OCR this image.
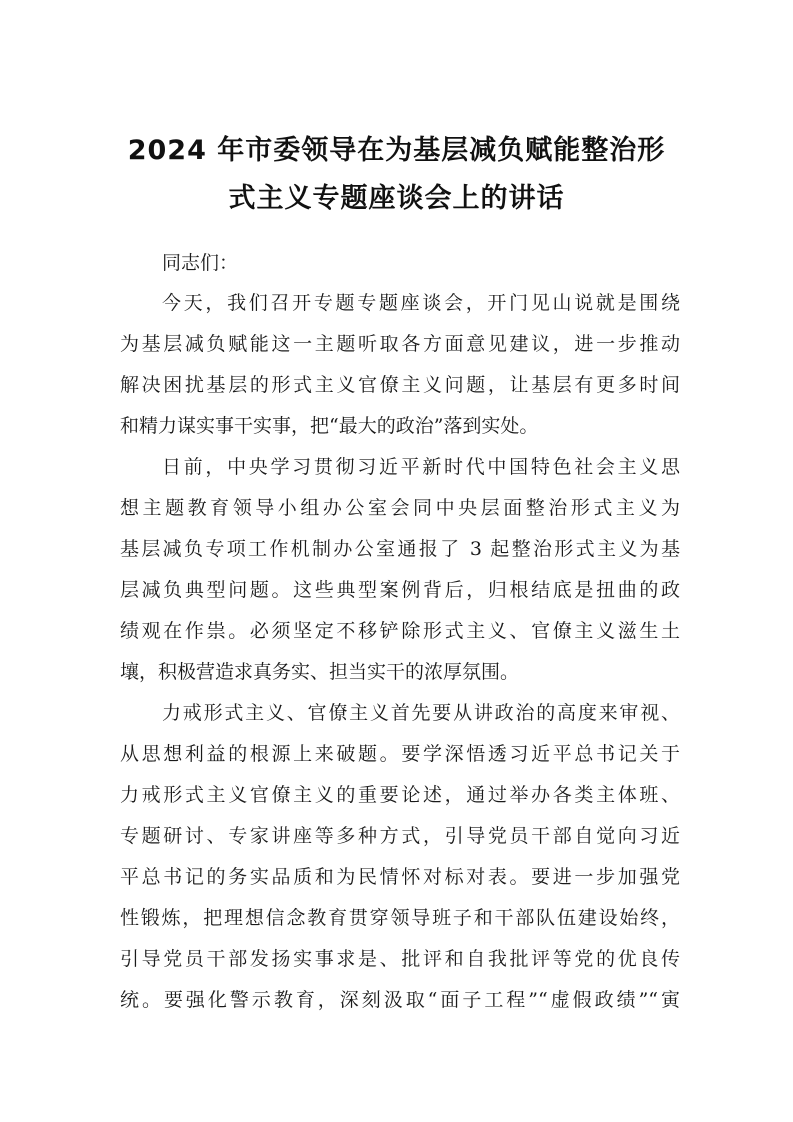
2024 年市委领导在为基层减负赋能整治形
式主义专题座谈会上的讲话
同志们：
今天，我们召开专题专题座谈会，开门见山说就是围绕
为基层减负赋能这一主题听取各方面意见建议，进一步推动
解决困扰基层的形式主义官僚主义问题，让基层有更多时间
和精力谋实事干实事，把“最大的政治”落到实处。
日前，中央学习贯彻习近平新时代中国特色社会主义思
想主题教育领导小组办公室会同中央层面整治形式主义为
基层减负专项工作机制办公室通报了 3 起整治形式主义为基
层减负典型问题。这些典型案例背后，归根结底是扭曲的政
绩观在作祟。必须坚定不移铲除形式主义、官僚主义滋生土
壤，积极营造求真务实、担当实干的浓厚氛围。
力戒形式主义、官僚主义首先要从讲政治的高度来审视、
从思想利益的根源上来破题。要学深悟透习近平总书记关于
力戒形式主义官僚主义的重要论述，通过举办各类主体班、
专题研讨、专家讲座等多种方式，引导党员干部自觉向习近
平总书记的务实品质和为民情怀对标对表。要进一步加强党
性锻炼，把理想信念教育贯穿领导班子和干部队伍建设始终，
引导党员干部发扬实事求是、批评和自我批评等党的优良传
统。要强化警示教育，深刻汲取“面子工程”“虚假政绩”“寅
